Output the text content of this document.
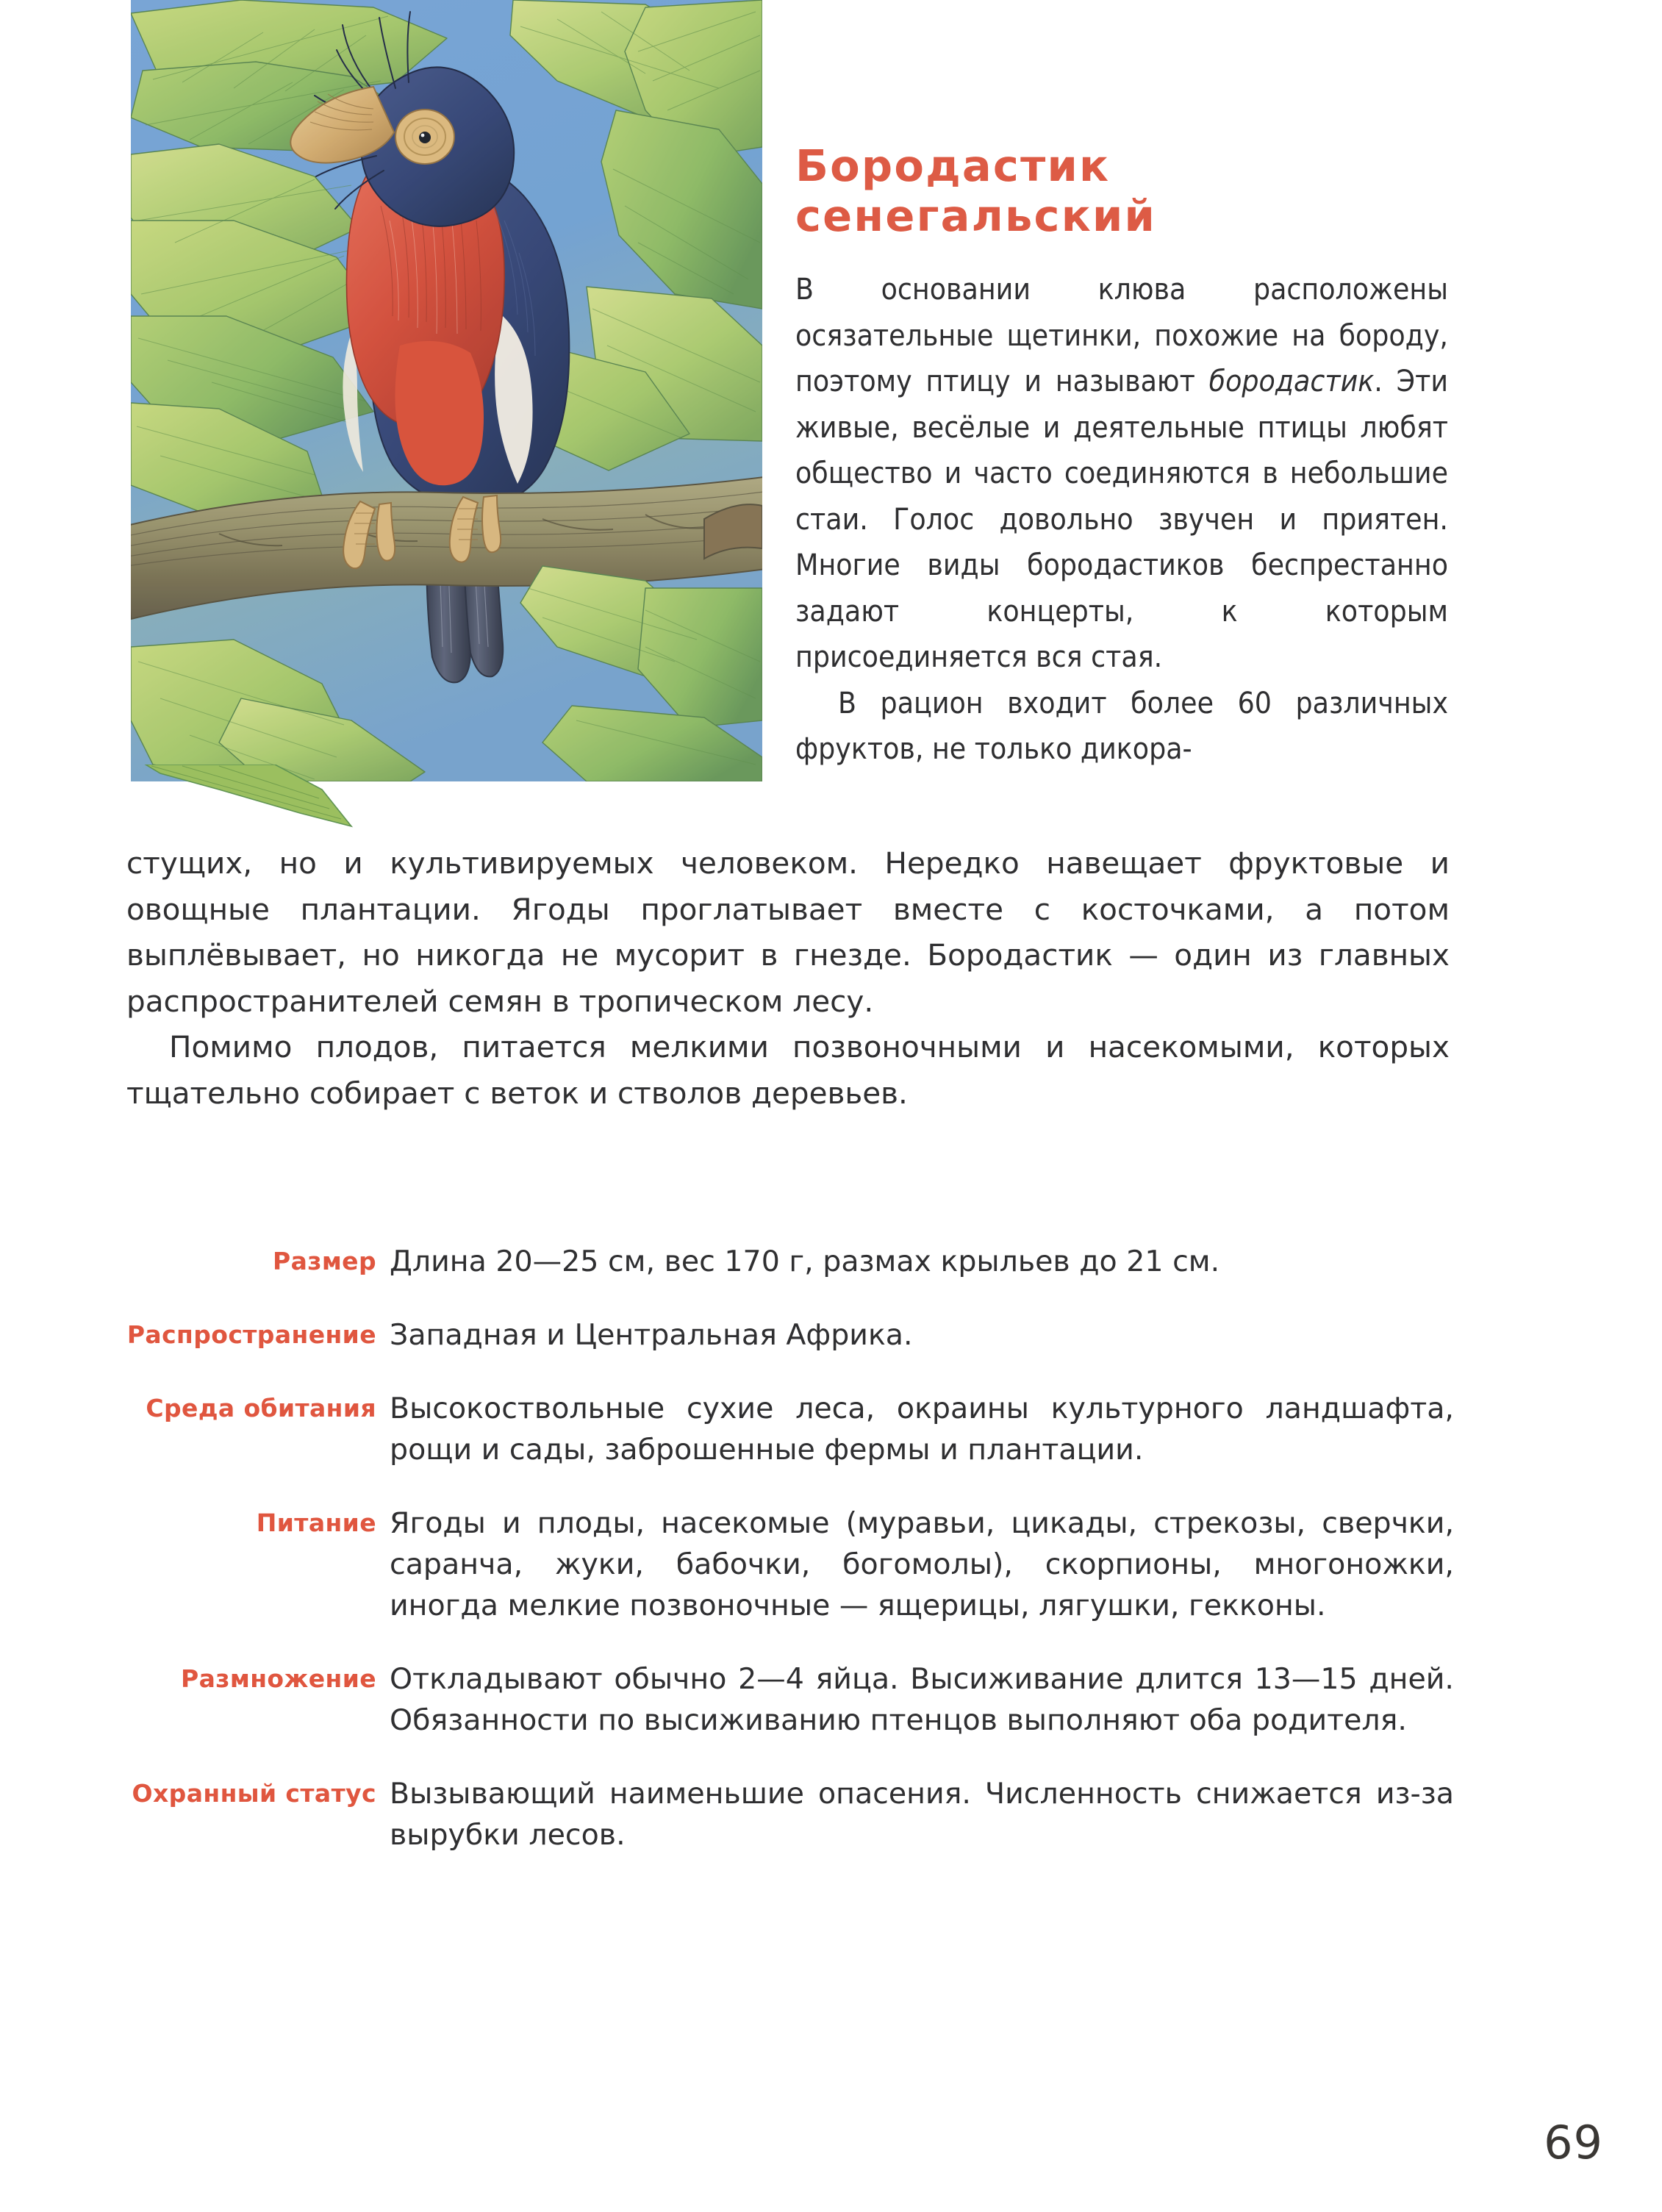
Бородастик
сенегальский

В основании клюва расположены осязательные щетинки, похожие на бороду, поэтому птицу и называют бородастик. Эти живые, весёлые и деятельные птицы любят общество и часто соединяются в небольшие стаи. Голос довольно звучен и приятен. Многие виды бородастиков беспрестанно задают концерты, к которым присоединяется вся стая.

В рацион входит более 60 различных фруктов, не только дикора-

стущих, но и культивируемых человеком. Нередко навещает фруктовые и овощные плантации. Ягоды проглатывает вместе с косточками, а потом выплёвывает, но никогда не мусорит в гнезде. Бородастик — один из главных распространителей семян в тропическом лесу.

Помимо плодов, питается мелкими позвоночными и насекомыми, которых тщательно собирает с веток и стволов деревьев.

Размер Длина 20—25 см, вес 170 г, размах крыльев до 21 см.
Распространение Западная и Центральная Африка.
Среда обитания Высокоствольные сухие леса, окраины культурного ландшафта, рощи и сады, заброшенные фермы и плантации.
Питание Ягоды и плоды, насекомые (муравьи, цикады, стрекозы, сверчки, саранча, жуки, бабочки, богомолы), скорпионы, многоножки, иногда мелкие позвоночные — ящерицы, лягушки, гекконы.
Размножение Откладывают обычно 2—4 яйца. Высиживание длится 13—15 дней. Обязанности по высиживанию птенцов выполняют оба родителя.
Охранный статус Вызывающий наименьшие опасения. Численность снижается из-за вырубки лесов.
69
